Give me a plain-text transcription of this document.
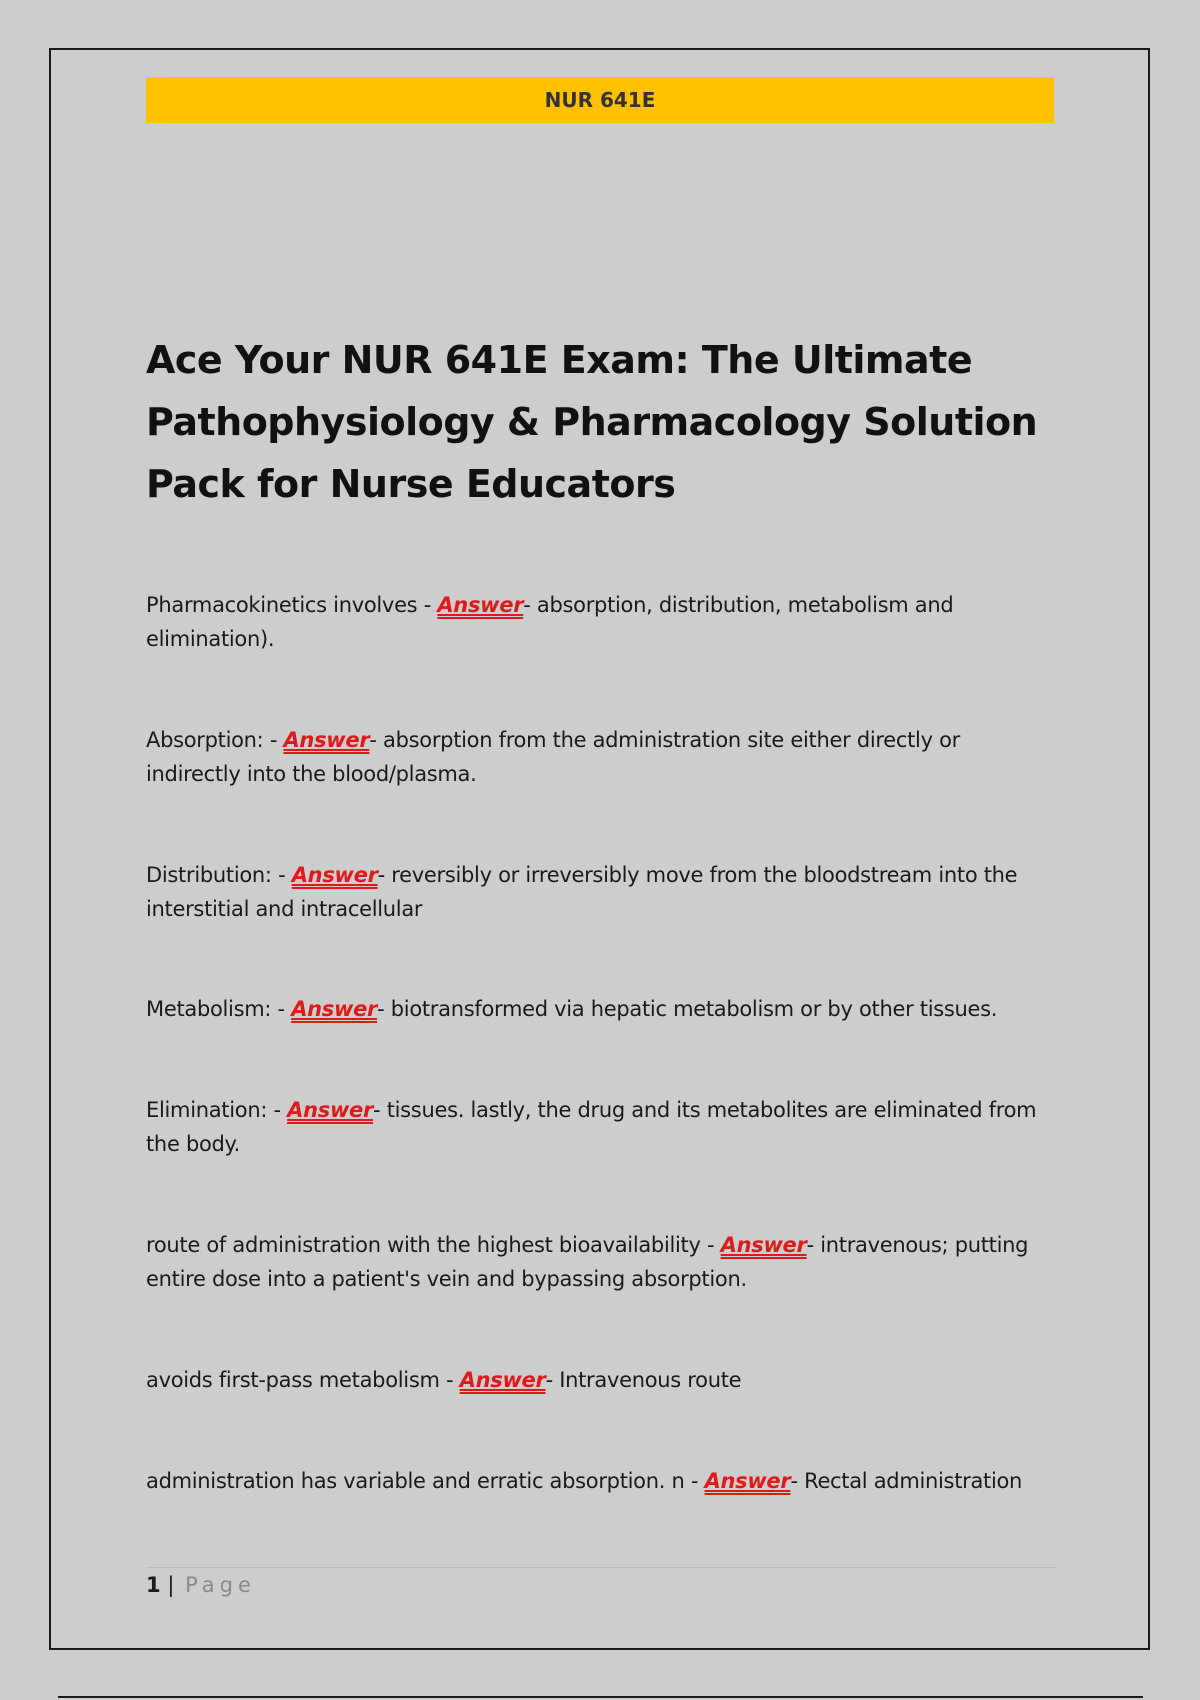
NUR 641E
Ace Your NUR 641E Exam: The Ultimate
Pathophysiology & Pharmacology Solution
Pack for Nurse Educators

Pharmacokinetics involves - Answer- absorption, distribution, metabolism and elimination).

Absorption: - Answer- absorption from the administration site either directly or indirectly into the blood/plasma.

Distribution: - Answer- reversibly or irreversibly move from the bloodstream into the interstitial and intracellular

Metabolism: - Answer- biotransformed via hepatic metabolism or by other tissues.

Elimination: - Answer- tissues. lastly, the drug and its metabolites are eliminated from the body.

route of administration with the highest bioavailability - Answer- intravenous; putting entire dose into a patient's vein and bypassing absorption.

avoids first-pass metabolism - Answer- Intravenous route

administration has variable and erratic absorption. n - Answer- Rectal administration

1 | Page
